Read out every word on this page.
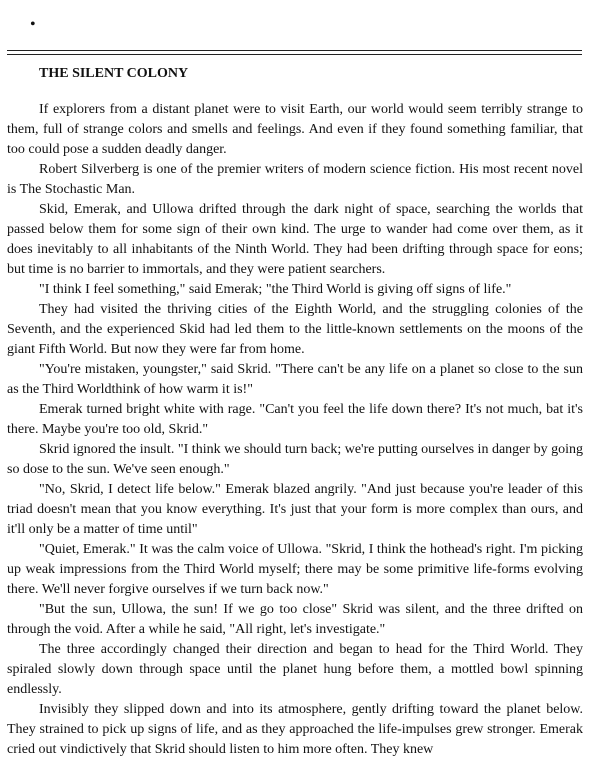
•
THE SILENT COLONY

If explorers from a distant planet were to visit Earth, our world would seem terribly strange to them, full of strange colors and smells and feelings. And even if they found something familiar, that too could pose a sudden deadly danger.

Robert Silverberg is one of the premier writers of modern science fiction. His most recent novel is The Stochastic Man.

Skid, Emerak, and Ullowa drifted through the dark night of space, searching the worlds that passed below them for some sign of their own kind. The urge to wander had come over them, as it does inevitably to all inhabitants of the Ninth World. They had been drifting through space for eons; but time is no barrier to immortals, and they were patient searchers.

"I think I feel something," said Emerak; "the Third World is giving off signs of life."

They had visited the thriving cities of the Eighth World, and the struggling colonies of the Seventh, and the experienced Skid had led them to the little-known settlements on the moons of the giant Fifth World. But now they were far from home.

"You're mistaken, youngster," said Skrid. "There can't be any life on a planet so close to the sun as the Third Worldthink of how warm it is!"

Emerak turned bright white with rage. "Can't you feel the life down there? It's not much, bat it's there. Maybe you're too old, Skrid."

Skrid ignored the insult. "I think we should turn back; we're putting ourselves in danger by going so dose to the sun. We've seen enough."

"No, Skrid, I detect life below." Emerak blazed angrily. "And just because you're leader of this triad doesn't mean that you know everything. It's just that your form is more complex than ours, and it'll only be a matter of time until"

"Quiet, Emerak." It was the calm voice of Ullowa. "Skrid, I think the hothead's right. I'm picking up weak impressions from the Third World myself; there may be some primitive life-forms evolving there. We'll never forgive ourselves if we turn back now."

"But the sun, Ullowa, the sun! If we go too close" Skrid was silent, and the three drifted on through the void. After a while he said, "All right, let's investigate."

The three accordingly changed their direction and began to head for the Third World. They spiraled slowly down through space until the planet hung before them, a mottled bowl spinning endlessly.

Invisibly they slipped down and into its atmosphere, gently drifting toward the planet below. They strained to pick up signs of life, and as they approached the life-impulses grew stronger. Emerak cried out vindictively that Skrid should listen to him more often. They knew
